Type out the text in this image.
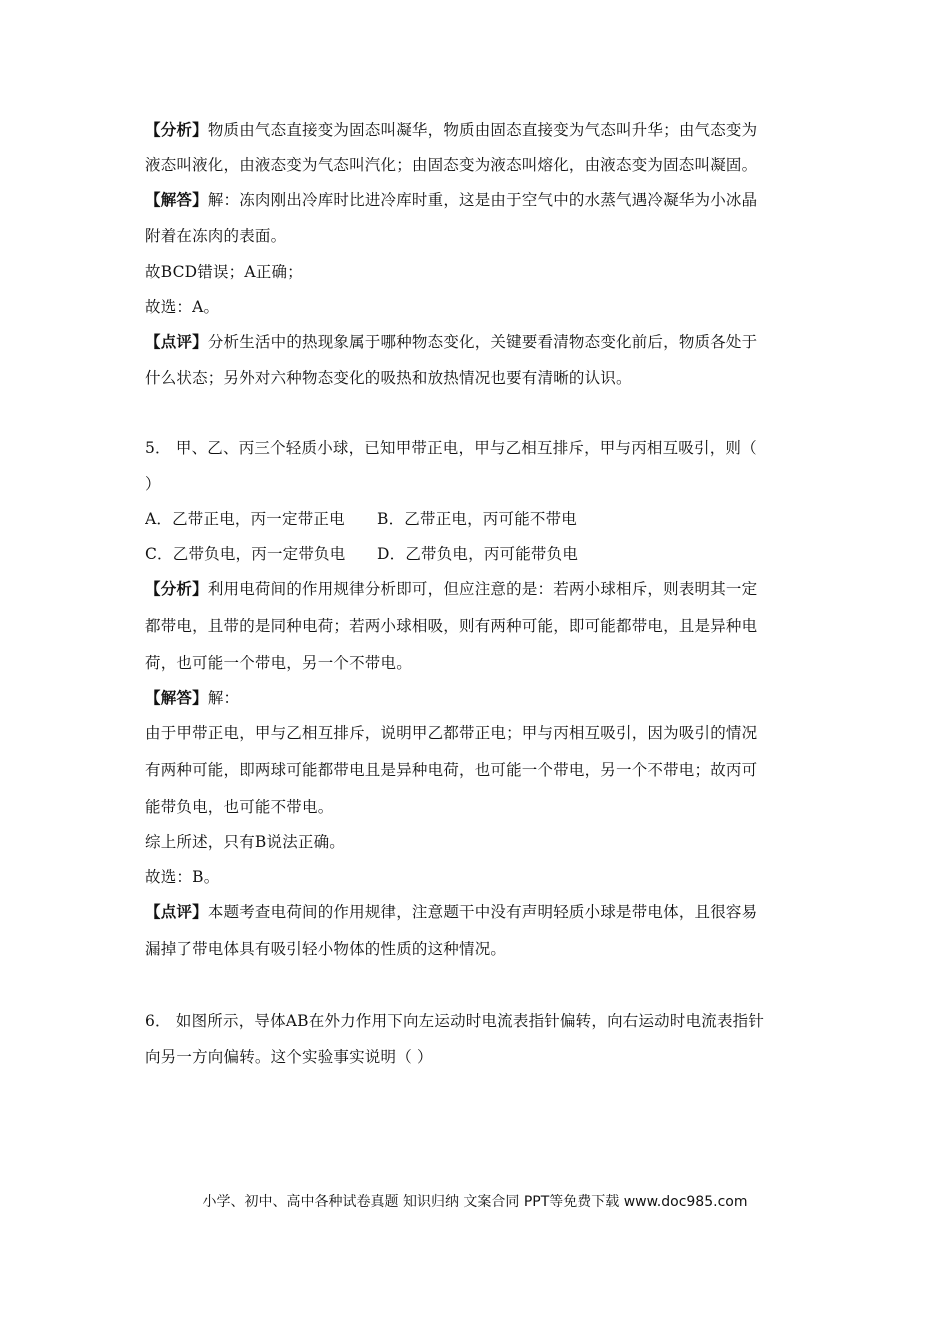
【分析】物质由气态直接变为固态叫凝华，物质由固态直接变为气态叫升华；由气态变为
液态叫液化，由液态变为气态叫汽化；由固态变为液态叫熔化，由液态变为固态叫凝固。
【解答】解：冻肉刚出冷库时比进冷库时重，这是由于空气中的水蒸气遇冷凝华为小冰晶
附着在冻肉的表面。
故BCD错误；A正确；
故选：A。
【点评】分析生活中的热现象属于哪种物态变化，关键要看清物态变化前后，物质各处于
什么状态；另外对六种物态变化的吸热和放热情况也要有清晰的认识。
5． 甲、乙、丙三个轻质小球，已知甲带正电，甲与乙相互排斥，甲与丙相互吸引，则（
）
A．乙带正电，丙一定带正电 B．乙带正电，丙可能不带电
C．乙带负电，丙一定带负电 D．乙带负电，丙可能带负电
【分析】利用电荷间的作用规律分析即可，但应注意的是：若两小球相斥，则表明其一定
都带电，且带的是同种电荷；若两小球相吸，则有两种可能，即可能都带电，且是异种电
荷，也可能一个带电，另一个不带电。
【解答】解：
由于甲带正电，甲与乙相互排斥，说明甲乙都带正电；甲与丙相互吸引，因为吸引的情况
有两种可能，即两球可能都带电且是异种电荷，也可能一个带电，另一个不带电；故丙可
能带负电，也可能不带电。
综上所述，只有B说法正确。
故选：B。
【点评】本题考查电荷间的作用规律，注意题干中没有声明轻质小球是带电体，且很容易
漏掉了带电体具有吸引轻小物体的性质的这种情况。
6． 如图所示，导体AB在外力作用下向左运动时电流表指针偏转，向右运动时电流表指针
向另一方向偏转。这个实验事实说明（ ）
小学、初中、高中各种试卷真题 知识归纳 文案合同 PPT等免费下载 www.doc985.com
